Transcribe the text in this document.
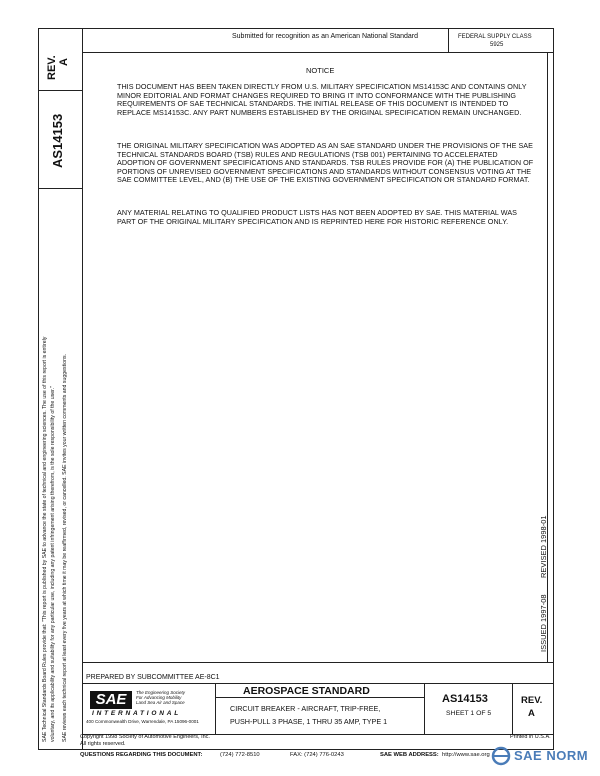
Submitted for recognition as an American National Standard	FEDERAL SUPPLY CLASS
5925
REV. A
AS14153
SAE Technical Standards Board Rules provide that: "This report is published by SAE to advance the state of technical and engineering sciences. The use of this report is entirely voluntary, and its applicability and suitability for any particular use, including any patent infringement arising therefrom, is the sole responsibility of the user." SAE reviews each technical report at least every five years at which time it may be reaffirmed, revised, or cancelled. SAE invites your written comments and suggestions.
NOTICE
THIS DOCUMENT HAS BEEN TAKEN DIRECTLY FROM U.S. MILITARY SPECIFICATION MS14153C AND CONTAINS ONLY MINOR EDITORIAL AND FORMAT CHANGES REQUIRED TO BRING IT INTO CONFORMANCE WITH THE PUBLISHING REQUIREMENTS OF SAE TECHNICAL STANDARDS. THE INITIAL RELEASE OF THIS DOCUMENT IS INTENDED TO REPLACE MS14153C. ANY PART NUMBERS ESTABLISHED BY THE ORIGINAL SPECIFICATION REMAIN UNCHANGED.
THE ORIGINAL MILITARY SPECIFICATION WAS ADOPTED AS AN SAE STANDARD UNDER THE PROVISIONS OF THE SAE TECHNICAL STANDARDS BOARD (TSB) RULES AND REGULATIONS (TSB 001) PERTAINING TO ACCELERATED ADOPTION OF GOVERNMENT SPECIFICATIONS AND STANDARDS. TSB RULES PROVIDE FOR (A) THE PUBLICATION OF PORTIONS OF UNREVISED GOVERNMENT SPECIFICATIONS AND STANDARDS WITHOUT CONSENSUS VOTING AT THE SAE COMMITTEE LEVEL, AND (B) THE USE OF THE EXISTING GOVERNMENT SPECIFICATION OR STANDARD FORMAT.
ANY MATERIAL RELATING TO QUALIFIED PRODUCT LISTS HAS NOT BEEN ADOPTED BY SAE. THIS MATERIAL WAS PART OF THE ORIGINAL MILITARY SPECIFICATION AND IS REPRINTED HERE FOR HISTORIC REFERENCE ONLY.
REVISED 1998-01
ISSUED 1997-08
PREPARED BY SUBCOMMITTEE AE-8C1
SAE	The Engineering Society
For Advancing Mobility
Land Sea Air and Space
INTERNATIONAL
400 Commonwealth Drive, Warrendale, PA 15096-0001
AEROSPACE STANDARD
CIRCUIT BREAKER - AIRCRAFT, TRIP-FREE,
PUSH-PULL 3 PHASE, 1 THRU 35 AMP, TYPE 1
AS14153
SHEET 1 OF 5
REV.
A
Copyright 1998 Society of Automotive Engineers, Inc.
All rights reserved.
Printed in U.S.A.
QUESTIONS REGARDING THIS DOCUMENT:	(724) 772-8510	FAX: (724) 776-0243	SAE WEB ADDRESS: http://www.sae.org SAE NORM
